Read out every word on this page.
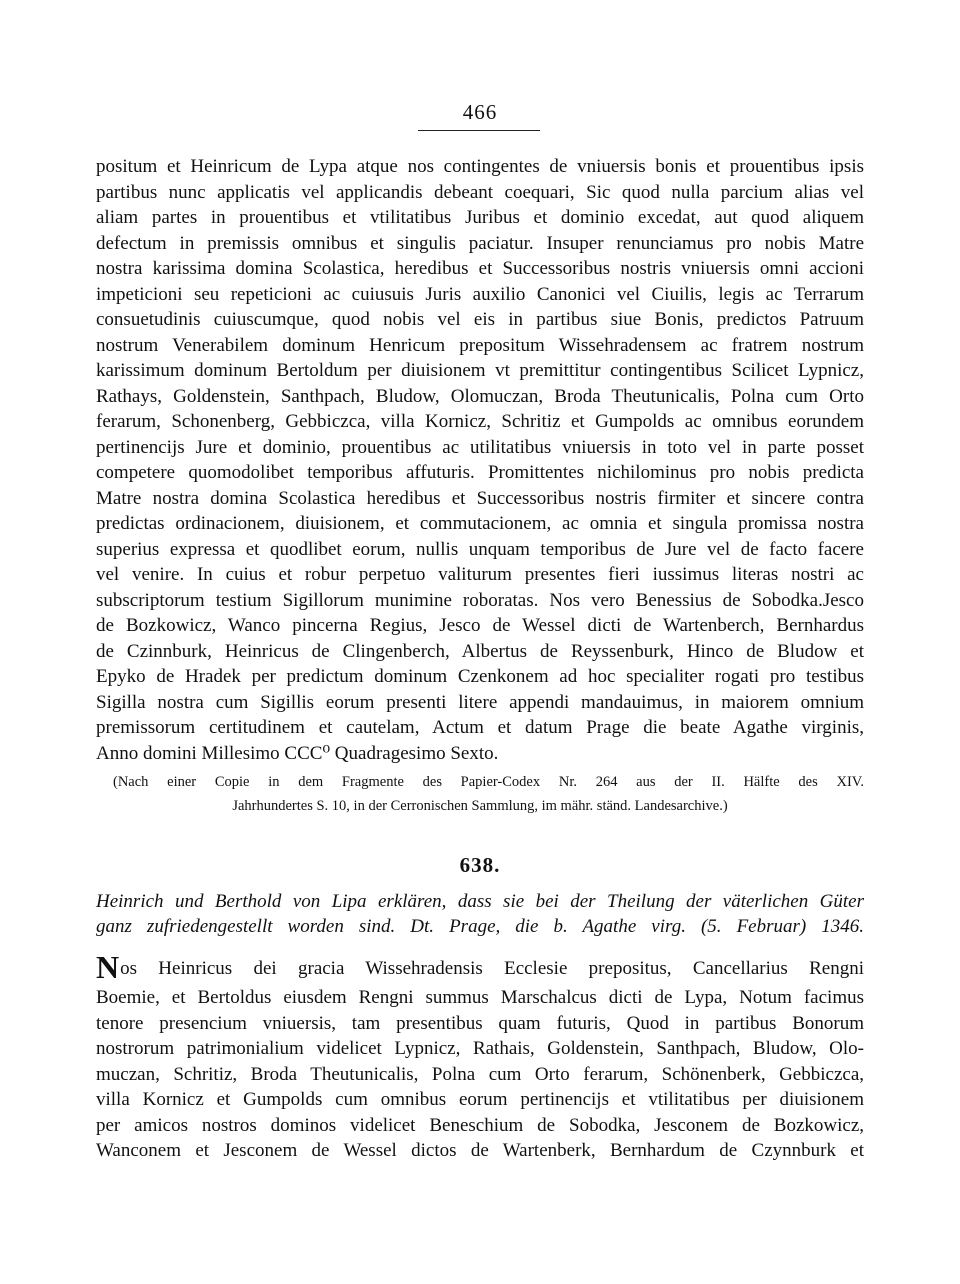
466
positum et Heinricum de Lypa atque nos contingentes de vniuersis bonis et prouentibus ipsis
partibus nunc applicatis vel applicandis debeant coequari, Sic quod nulla parcium alias vel
aliam partes in prouentibus et vtilitatibus Juribus et dominio excedat, aut quod aliquem
defectum in premissis omnibus et singulis paciatur. Insuper renunciamus pro nobis Matre
nostra karissima domina Scolastica, heredibus et Successoribus nostris vniuersis omni accioni
impeticioni seu repeticioni ac cuiusuis Juris auxilio Canonici vel Ciuilis, legis ac Terrarum
consuetudinis cuiuscumque, quod nobis vel eis in partibus siue Bonis, predictos Patruum
nostrum Venerabilem dominum Henricum prepositum Wissehradensem ac fratrem nostrum
karissimum dominum Bertoldum per diuisionem vt premittitur contingentibus Scilicet Lypnicz,
Rathays, Goldenstein, Santhpach, Bludow, Olomuczan, Broda Theutunicalis, Polna cum Orto
ferarum, Schonenberg, Gebbiczca, villa Kornicz, Schritiz et Gumpolds ac omnibus eorundem
pertinencijs Jure et dominio, prouentibus ac utilitatibus vniuersis in toto vel in parte posset
competere quomodolibet temporibus affuturis. Promittentes nichilominus pro nobis predicta
Matre nostra domina Scolastica heredibus et Successoribus nostris firmiter et sincere contra
predictas ordinacionem, diuisionem, et commutacionem, ac omnia et singula promissa nostra
superius expressa et quodlibet eorum, nullis unquam temporibus de Jure vel de facto facere
vel venire. In cuius et robur perpetuo valiturum presentes fieri iussimus literas nostri ac
subscriptorum testium Sigillorum munimine roboratas. Nos vero Benessius de Sobodka.Jesco
de Bozkowicz, Wanco pincerna Regius, Jesco de Wessel dicti de Wartenberch, Bernhardus
de Czinnburk, Heinricus de Clingenberch, Albertus de Reyssenburk, Hinco de Bludow et
Epyko de Hradek per predictum dominum Czenkonem ad hoc specialiter rogati pro testibus
Sigilla nostra cum Sigillis eorum presenti litere appendi mandauimus, in maiorem omnium
premissorum certitudinem et cautelam, Actum et datum Prage die beate Agathe virginis,
Anno domini Millesimo CCC⁰ Quadragesimo Sexto.
(Nach einer Copie in dem Fragmente des Papier-Codex Nr. 264 aus der II. Hälfte des XIV.
Jahrhundertes S. 10, in der Cerronischen Sammlung, im mähr. ständ. Landesarchive.)
638.
Heinrich und Berthold von Lipa erklären, dass sie bei der Theilung der väterlichen Güter
ganz zufriedengestellt worden sind. Dt. Prage, die b. Agathe virg. (5. Februar) 1346.
N os Heinricus dei gracia Wissehradensis Ecclesie prepositus, Cancellarius Rengni
Boemie, et Bertoldus eiusdem Rengni summus Marschalcus dicti de Lypa, Notum facimus
tenore presencium vniuersis, tam presentibus quam futuris, Quod in partibus Bonorum
nostrorum patrimonialium videlicet Lypnicz, Rathais, Goldenstein, Santhpach, Bludow, Olo-
muczan, Schritiz, Broda Theutunicalis, Polna cum Orto ferarum, Schönenberk, Gebbiczca,
villa Kornicz et Gumpolds cum omnibus eorum pertinencijs et vtilitatibus per diuisionem
per amicos nostros dominos videlicet Beneschium de Sobodka, Jesconem de Bozkowicz,
Wanconem et Jesconem de Wessel dictos de Wartenberk, Bernhardum de Czynnburk et
